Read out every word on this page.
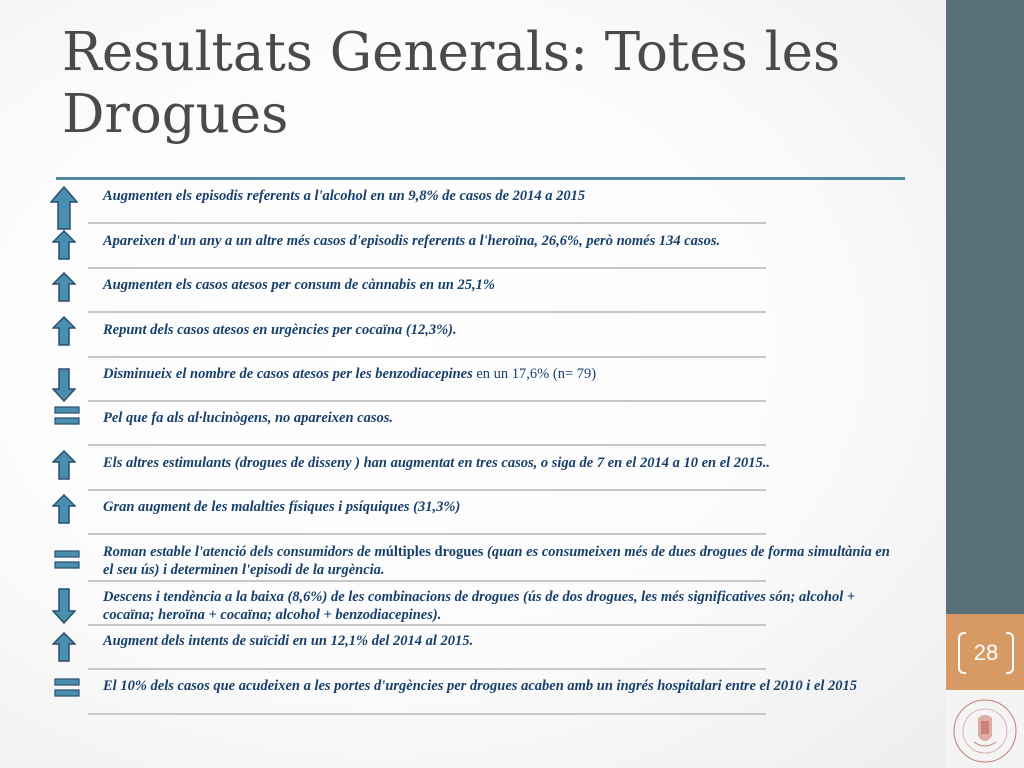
28
Resultats Generals: Totes les Drogues
Augmenten els episodis referents a l'alcohol en un 9,8% de casos de 2014 a 2015
Apareixen d'un any a un altre més casos d'episodis referents a l'heroïna, 26,6%, però només 134 casos.
Augmenten els casos atesos per consum de cànnabis en un 25,1%
Repunt dels casos atesos en urgències per cocaïna (12,3%).
Disminueix el nombre de casos atesos per les benzodiacepines en un 17,6% (n= 79)
Pel que fa als al·lucinògens, no apareixen casos.
Els altres estimulants (drogues de disseny ) han augmentat en tres casos, o siga de 7 en el 2014 a 10 en el 2015..
Gran augment de les malalties físiques i psíquiques (31,3%)
Roman estable l'atenció dels consumidors de múltiples drogues (quan es consumeixen més de dues drogues de forma simultània en el seu ús) i determinen l'episodi de la urgència.
Descens i tendència a la baixa (8,6%) de les combinacions de drogues (ús de dos drogues, les més significatives són; alcohol + cocaïna; heroïna + cocaïna; alcohol + benzodiacepines).
Augment dels intents de suïcidi en un 12,1% del 2014 al 2015.
El 10% dels casos que acudeixen a les portes d'urgències per drogues acaben amb un ingrés hospitalari entre el 2010 i el 2015
